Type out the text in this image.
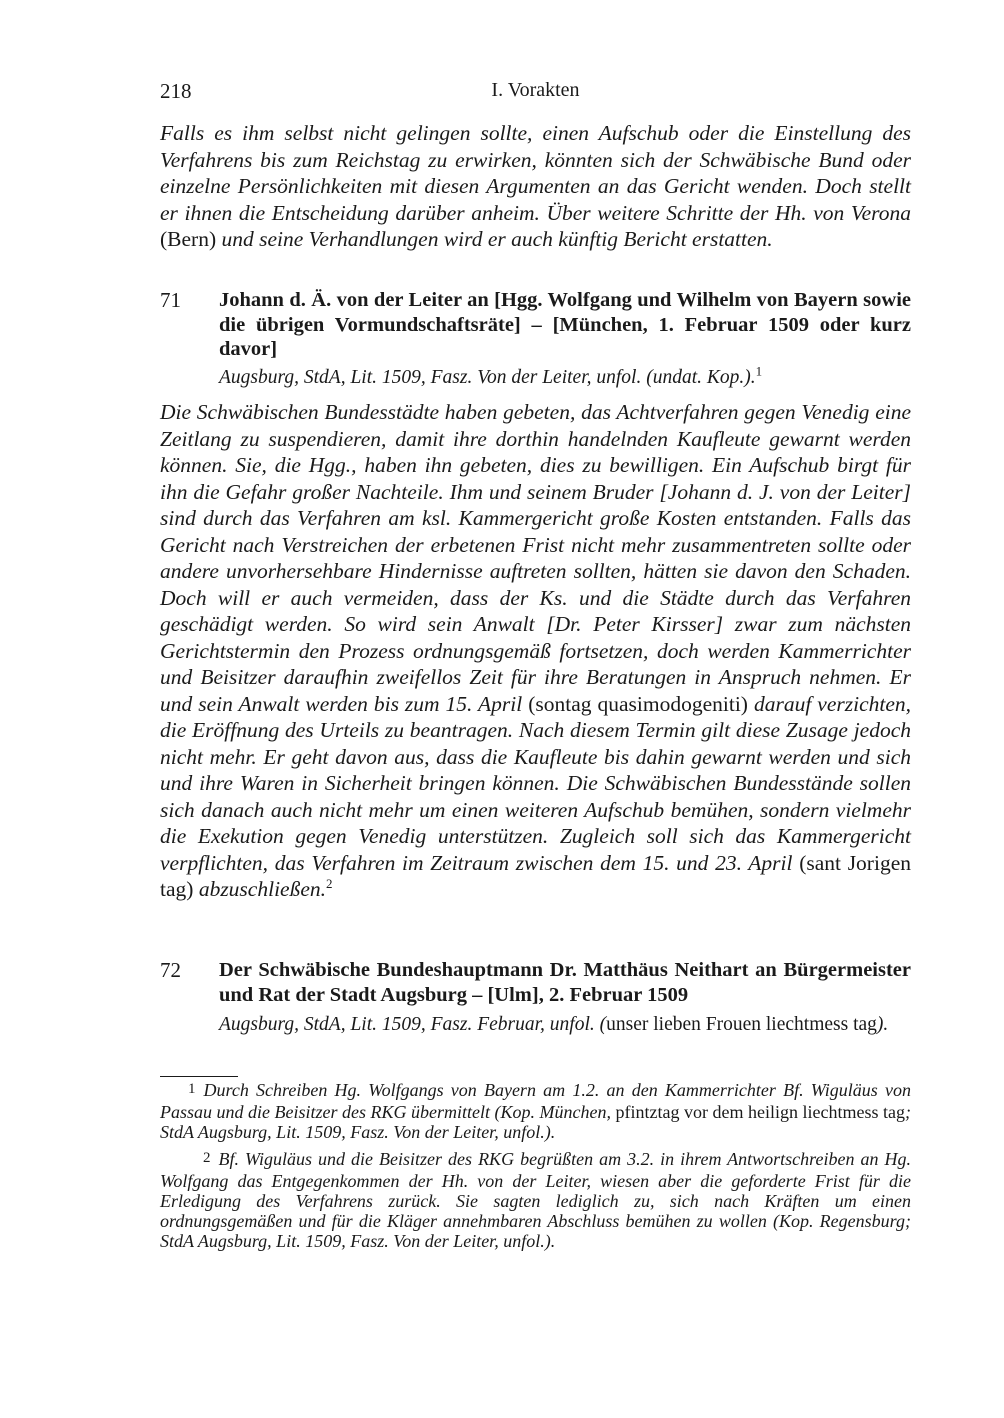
218	I. Vorakten
Falls es ihm selbst nicht gelingen sollte, einen Aufschub oder die Einstellung des Verfahrens bis zum Reichstag zu erwirken, könnten sich der Schwäbische Bund oder einzelne Persönlichkeiten mit diesen Argumenten an das Gericht wenden. Doch stellt er ihnen die Entscheidung darüber anheim. Über weitere Schritte der Hh. von Verona (Bern) und seine Verhandlungen wird er auch künftig Bericht erstatten.
71 Johann d. Ä. von der Leiter an [Hgg. Wolfgang und Wilhelm von Bayern sowie die übrigen Vormundschaftsräte] – [München, 1. Februar 1509 oder kurz davor]
Augsburg, StdA, Lit. 1509, Fasz. Von der Leiter, unfol. (undat. Kop.).$^1$
Die Schwäbischen Bundesstädte haben gebeten, das Achtverfahren gegen Venedig eine Zeitlang zu suspendieren, damit ihre dorthin handelnden Kaufleute gewarnt werden können. Sie, die Hgg., haben ihn gebeten, dies zu bewilligen. Ein Aufschub birgt für ihn die Gefahr großer Nachteile. Ihm und seinem Bruder [Johann d. J. von der Leiter] sind durch das Verfahren am ksl. Kammergericht große Kosten entstanden. Falls das Gericht nach Verstreichen der erbetenen Frist nicht mehr zusammentreten sollte oder andere unvorhersehbare Hindernisse auftreten sollten, hätten sie davon den Schaden. Doch will er auch vermeiden, dass der Ks. und die Städte durch das Verfahren geschädigt werden. So wird sein Anwalt [Dr. Peter Kirsser] zwar zum nächsten Gerichtstermin den Prozess ordnungsgemäß fortsetzen, doch werden Kammerrichter und Beisitzer daraufhin zweifellos Zeit für ihre Beratungen in Anspruch nehmen. Er und sein Anwalt werden bis zum 15. April (sontag quasimodogeniti) darauf verzichten, die Eröffnung des Urteils zu beantragen. Nach diesem Termin gilt diese Zusage jedoch nicht mehr. Er geht davon aus, dass die Kaufleute bis dahin gewarnt werden und sich und ihre Waren in Sicherheit bringen können. Die Schwäbischen Bundesstände sollen sich danach auch nicht mehr um einen weiteren Aufschub bemühen, sondern vielmehr die Exekution gegen Venedig unterstützen. Zugleich soll sich das Kammergericht verpflichten, das Verfahren im Zeitraum zwischen dem 15. und 23. April (sant Jorigen tag) abzuschließen.$^2$
72 Der Schwäbische Bundeshauptmann Dr. Matthäus Neithart an Bürgermeister und Rat der Stadt Augsburg – [Ulm], 2. Februar 1509
Augsburg, StdA, Lit. 1509, Fasz. Februar, unfol. (unser lieben Frouen liechtmess tag).
1 Durch Schreiben Hg. Wolfgangs von Bayern am 1.2. an den Kammerrichter Bf. Wiguläus von Passau und die Beisitzer des RKG übermittelt (Kop. München, pfintztag vor dem heilign liechtmess tag; StdA Augsburg, Lit. 1509, Fasz. Von der Leiter, unfol.).
2 Bf. Wiguläus und die Beisitzer des RKG begrüßten am 3.2. in ihrem Antwortschreiben an Hg. Wolfgang das Entgegenkommen der Hh. von der Leiter, wiesen aber die geforderte Frist für die Erledigung des Verfahrens zurück. Sie sagten lediglich zu, sich nach Kräften um einen ordnungsgemäßen und für die Kläger annehmbaren Abschluss bemühen zu wollen (Kop. Regensburg; StdA Augsburg, Lit. 1509, Fasz. Von der Leiter, unfol.).
